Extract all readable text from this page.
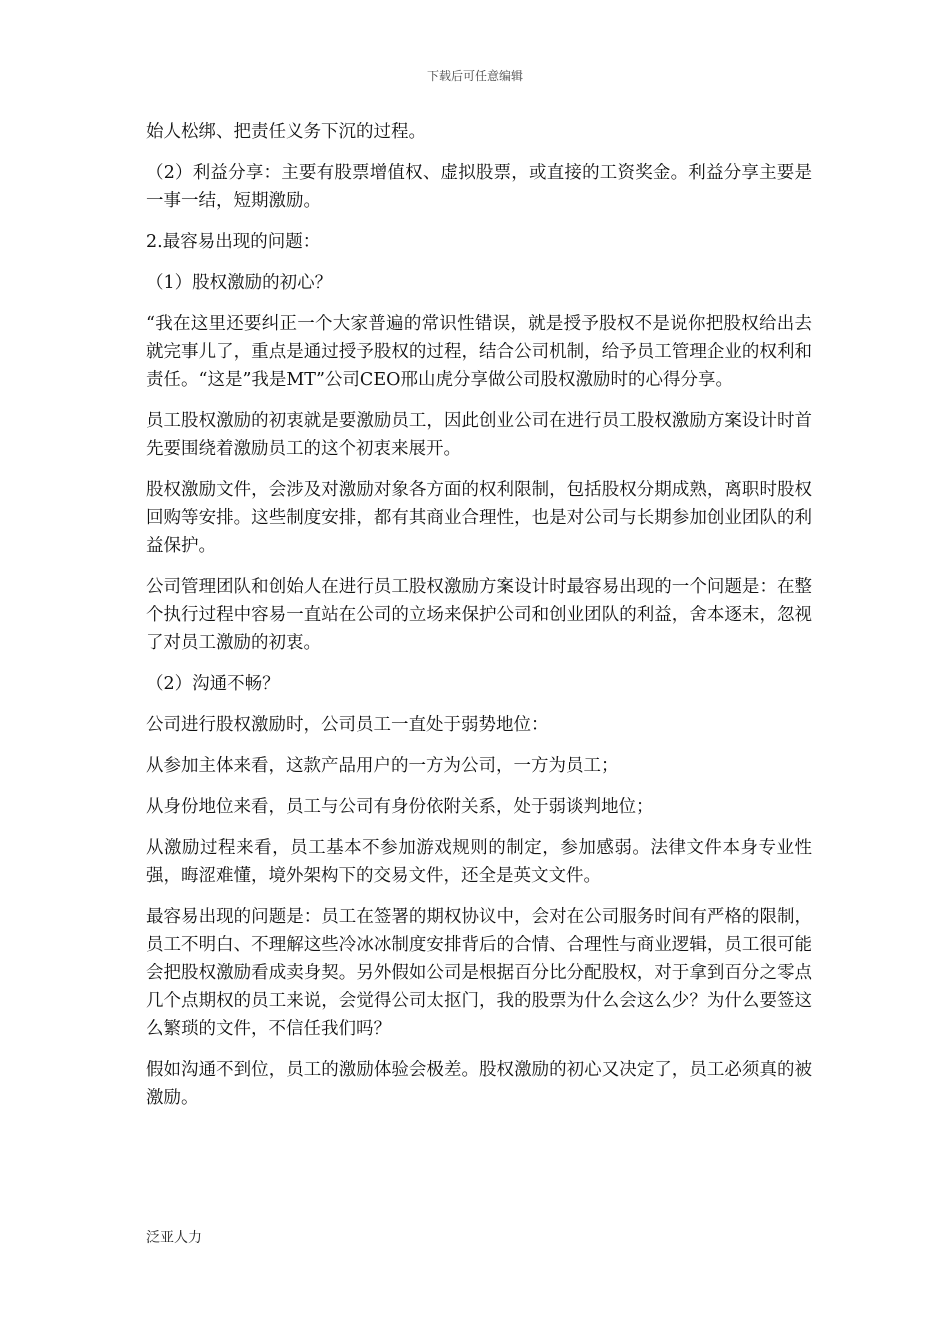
下载后可任意编辑

始人松绑、把责任义务下沉的过程。

（2）利益分享：主要有股票增值权、虚拟股票，或直接的工资奖金。利益分享主要是一事一结，短期激励。

2.最容易出现的问题：

（1）股权激励的初心？

“我在这里还要纠正一个大家普遍的常识性错误，就是授予股权不是说你把股权给出去就完事儿了，重点是通过授予股权的过程，结合公司机制，给予员工管理企业的权利和责任。“这是”我是MT”公司CEO邢山虎分享做公司股权激励时的心得分享。

员工股权激励的初衷就是要激励员工，因此创业公司在进行员工股权激励方案设计时首先要围绕着激励员工的这个初衷来展开。

股权激励文件，会涉及对激励对象各方面的权利限制，包括股权分期成熟，离职时股权回购等安排。这些制度安排，都有其商业合理性，也是对公司与长期参加创业团队的利益保护。

公司管理团队和创始人在进行员工股权激励方案设计时最容易出现的一个问题是：在整个执行过程中容易一直站在公司的立场来保护公司和创业团队的利益，舍本逐末，忽视了对员工激励的初衷。

（2）沟通不畅？

公司进行股权激励时，公司员工一直处于弱势地位：

从参加主体来看，这款产品用户的一方为公司，一方为员工；

从身份地位来看，员工与公司有身份依附关系，处于弱谈判地位；

从激励过程来看，员工基本不参加游戏规则的制定，参加感弱。法律文件本身专业性强，晦涩难懂，境外架构下的交易文件，还全是英文文件。

最容易出现的问题是：员工在签署的期权协议中，会对在公司服务时间有严格的限制，员工不明白、不理解这些冷冰冰制度安排背后的合情、合理性与商业逻辑，员工很可能会把股权激励看成卖身契。另外假如公司是根据百分比分配股权，对于拿到百分之零点几个点期权的员工来说，会觉得公司太抠门，我的股票为什么会这么少？为什么要签这么繁琐的文件，不信任我们吗？

假如沟通不到位，员工的激励体验会极差。股权激励的初心又决定了，员工必须真的被激励。

泛亚人力
